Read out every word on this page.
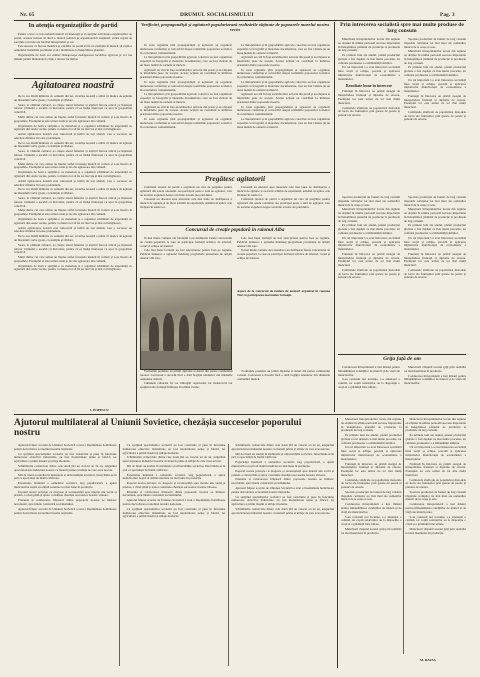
Nr. 65	DRUMUL SOCIALISMULUI	Pag. 3
In atenția organizațiilor de partid

Pentru a face ca toți oamenii muncii să înțeleagă și să sprijine activitatea organizațiilor de partid, acestea trebuie să ducă o muncă politică și organizatorică susținută, strâns legată de sarcinile concrete ale fiecărei întreprinderi și sat.

Este necesar ca fiecare membru și candidat de partid să fie un exemplu în muncă, să explice oamenilor hotărârile partidului și să-i mobilizeze la îndeplinirea planului.

Organizațiile de bază vor urmări îndeaproape desfășurarea lucrărilor agricole și vor lua măsuri pentru încheierea la timp a tuturor lucrărilor.

Agitatoarea noastră

De la cea dintâi întâlnire cu oamenii din sat, tovarășa noastră a arătat că munca de agitație nu înseamnă vorbe goale, ci exemplu și răbdare.

Seara, la căminul cultural, ea citește ziarul femeilor și explică fiecare articol pe înțelesul tuturor. Oamenii o ascultă cu încredere, pentru că ea însăși muncește cu spor la gospodăria colectivă.

Mulți dintre cei care ezitau au înțeles astfel foloasele muncii în comun și s-au înscris în gospodărie. Exemplul ei este urmat acum și de alte agitatoare din comună.

Organizația de bază a sprijinit-o cu materiale și a organizat schimburi de experiență cu agitatorii din satele vecine, pentru ca munca lor să fie tot mai vie și mai convingătoare.

Astăzi agitatoarea noastră este cunoscută și iubită de toți sătenii, care o socotesc un adevărat sfătuitor în toate problemele.

De la cea dintâi întâlnire cu oamenii din sat, tovarășa noastră a arătat că munca de agitație nu înseamnă vorbe goale, ci exemplu și răbdare.

Seara, la căminul cultural, ea citește ziarul femeilor și explică fiecare articol pe înțelesul tuturor. Oamenii o ascultă cu încredere, pentru că ea însăși muncește cu spor la gospodăria colectivă.

Mulți dintre cei care ezitau au înțeles astfel foloasele muncii în comun și s-au înscris în gospodărie. Exemplul ei este urmat acum și de alte agitatoare din comună.

Organizația de bază a sprijinit-o cu materiale și a organizat schimburi de experiență cu agitatorii din satele vecine, pentru ca munca lor să fie tot mai vie și mai convingătoare.

Astăzi agitatoarea noastră este cunoscută și iubită de toți sătenii, care o socotesc un adevărat sfătuitor în toate problemele.

De la cea dintâi întâlnire cu oamenii din sat, tovarășa noastră a arătat că munca de agitație nu înseamnă vorbe goale, ci exemplu și răbdare.

Seara, la căminul cultural, ea citește ziarul femeilor și explică fiecare articol pe înțelesul tuturor. Oamenii o ascultă cu încredere, pentru că ea însăși muncește cu spor la gospodăria colectivă.

Mulți dintre cei care ezitau au înțeles astfel foloasele muncii în comun și s-au înscris în gospodărie. Exemplul ei este urmat acum și de alte agitatoare din comună.

Organizația de bază a sprijinit-o cu materiale și a organizat schimburi de experiență cu agitatorii din satele vecine, pentru ca munca lor să fie tot mai vie și mai convingătoare.

Astăzi agitatoarea noastră este cunoscută și iubită de toți sătenii, care o socotesc un adevărat sfătuitor în toate problemele.

De la cea dintâi întâlnire cu oamenii din sat, tovarășa noastră a arătat că munca de agitație nu înseamnă vorbe goale, ci exemplu și răbdare.

Seara, la căminul cultural, ea citește ziarul femeilor și explică fiecare articol pe înțelesul tuturor. Oamenii o ascultă cu încredere, pentru că ea însăși muncește cu spor la gospodăria colectivă.

Mulți dintre cei care ezitau au înțeles astfel foloasele muncii în comun și s-au înscris în gospodărie. Exemplul ei este urmat acum și de alte agitatoare din comună.

Organizația de bază a sprijinit-o cu materiale și a organizat schimburi de experiență cu agitatorii din satele vecine, pentru ca munca lor să fie tot mai vie și mai convingătoare.

I. POPESCU
Verificări, propagandiști și agitatorii popularizează realizările obținute de popoarele marelui nostru vecin

In toate regiunile țării propagandiștii și agitatorii au organizat numeroase conferințe și convorbiri despre realizările popoarelor sovietice în construirea comunismului.

La întreprinderi și în gospodăriile agricole colective au fost organizate expoziții cu fotografii și materiale documentare, care au fost vizitate de un mare număr de oameni ai muncii.

Agitatorii au citit în fața ascultătorilor articole din presă și au răspuns la întrebările puse de aceștia. Aceste acțiuni au contribuit la întărirea prieteniei dintre popoarele noastre.

In toate regiunile țării propagandiștii și agitatorii au organizat numeroase conferințe și convorbiri despre realizările popoarelor sovietice în construirea comunismului.

La întreprinderi și în gospodăriile agricole colective au fost organizate expoziții cu fotografii și materiale documentare, care au fost vizitate de un mare număr de oameni ai muncii.

Agitatorii au citit în fața ascultătorilor articole din presă și au răspuns la întrebările puse de aceștia. Aceste acțiuni au contribuit la întărirea prieteniei dintre popoarele noastre.

In toate regiunile țării propagandiștii și agitatorii au organizat numeroase conferințe și convorbiri despre realizările popoarelor sovietice în construirea comunismului.

La întreprinderi și în gospodăriile agricole colective au fost organizate expoziții cu fotografii și materiale documentare, care au fost vizitate de un mare număr de oameni ai muncii.

Agitatorii au citit în fața ascultătorilor articole din presă și au răspuns la întrebările puse de aceștia. Aceste acțiuni au contribuit la întărirea prieteniei dintre popoarele noastre.

In toate regiunile țării propagandiștii și agitatorii au organizat numeroase conferințe și convorbiri despre realizările popoarelor sovietice în construirea comunismului.

La întreprinderi și în gospodăriile agricole colective au fost organizate expoziții cu fotografii și materiale documentare, care au fost vizitate de un mare număr de oameni ai muncii.

Agitatorii au citit în fața ascultătorilor articole din presă și au răspuns la întrebările puse de aceștia. Aceste acțiuni au contribuit la întărirea prieteniei dintre popoarele noastre.

In toate regiunile țării propagandiștii și agitatorii au organizat numeroase conferințe și convorbiri despre realizările popoarelor sovietice în construirea comunismului.

La întreprinderi și în gospodăriile agricole colective au fost organizate expoziții cu fotografii și materiale documentare, care au fost vizitate de un mare număr de oameni ai muncii.

Pregătesc agitatorii

Comitetul raional de partid a organizat un curs de pregătire pentru agitatorii din satele raionului. Au participat peste o sută de agitatori, care au ascultat expuneri despre sarcinile actuale ale partidului.

Cursanții au discutat apoi metodele cele mai bune de desfășurare a muncii de agitație și au făcut schimb de experiență, urmând să aplice cele învățate în satele lor.

Cursanții au discutat apoi metodele cele mai bune de desfășurare a muncii de agitație și au făcut schimb de experiență, urmând să aplice cele învățate în satele lor.

Comitetul raional de partid a organizat un curs de pregătire pentru agitatorii din satele raionului. Au participat peste o sută de agitatori, care au ascultat expuneri despre sarcinile actuale ale partidului.

Concursul de creație populară în raionul Alba

In mai multe comune ale raionului s-au desfășurat fazele concursului de creație populară, la care au participat formații artistice de amatori, coruri și echipe de dansuri.

Cele mai bune formații au fost selecționate pentru faza pe regiune. Publicul numeros a aplaudat îndelung programele prezentate de artiștii amatori din sate.

Cele mai bune formații au fost selecționate pentru faza pe regiune. Publicul numeros a aplaudat îndelung programele prezentate de artiștii amatori din sate.

In mai multe comune ale raionului s-au desfășurat fazele concursului de creație populară, la care au participat formații artistice de amatori, coruri și echipe de dansuri.

Aspect de la concursul de fanfare de amatori organizat în comuna Tiur cu participarea mai multor formații.

Formațiile premiate au primit diplome și daruri din partea comitetului raional. Concursul a dovedit încă o dată bogăția talentelor din rândurile oamenilor muncii.

Căminele culturale își vor îmbogăți repertoriul, iar instructorii vor sprijini noile formații înființate în ultima vreme.

Formațiile premiate au primit diplome și daruri din partea comitetului raional. Concursul a dovedit încă o dată bogăția talentelor din rândurile oamenilor muncii.

Prin întrecerea socialistă spre mai multe produse de larg consum

Muncitorii întreprinderilor locale din regiune au obținut în ultima perioadă succese importante în îndeplinirea planului de producție la produsele de larg consum.

Pe primele luni ale anului, planul producției globale a fost depășit cu mai multe procente, iar calitatea produselor s-a îmbunătățit simțitor.

Un rol important l-a avut întrecerea socialistă între secții și echipe, precum și aplicarea inițiativelor muncitorești de economisire a materialelor.

Rezultate bune în întrecere

Fruntașii în întrecere au primit steagul de întreprindere fruntașă și diplome de onoare. Exemplul lor este urmat de tot mai mulți muncitori.

Comitetele sindicale au popularizat metodele de lucru ale fruntașilor prin gazete de perete și panouri de onoare.

Sporirea producției de bunuri de larg consum răspunde cerințelor tot mai mari ale oamenilor muncii de la orașe și sate.

Muncitorii întreprinderilor locale din regiune au obținut în ultima perioadă succese importante în îndeplinirea planului de producție la produsele de larg consum.

Pe primele luni ale anului, planul producției globale a fost depășit cu mai multe procente, iar calitatea produselor s-a îmbunătățit simțitor.

Un rol important l-a avut întrecerea socialistă între secții și echipe, precum și aplicarea inițiativelor muncitorești de economisire a materialelor.

Fruntașii în întrecere au primit steagul de întreprindere fruntașă și diplome de onoare. Exemplul lor este urmat de tot mai mulți muncitori.

Comitetele sindicale au popularizat metodele de lucru ale fruntașilor prin gazete de perete și panouri de onoare.

Sporirea producției de bunuri de larg consum răspunde cerințelor tot mai mari ale oamenilor muncii de la orașe și sate.

Muncitorii întreprinderilor locale din regiune au obținut în ultima perioadă succese importante în îndeplinirea planului de producție la produsele de larg consum.

Pe primele luni ale anului, planul producției globale a fost depășit cu mai multe procente, iar calitatea produselor s-a îmbunătățit simțitor.

Un rol important l-a avut întrecerea socialistă între secții și echipe, precum și aplicarea inițiativelor muncitorești de economisire a materialelor.

Fruntașii în întrecere au primit steagul de întreprindere fruntașă și diplome de onoare. Exemplul lor este urmat de tot mai mulți muncitori.

Comitetele sindicale au popularizat metodele de lucru ale fruntașilor prin gazete de perete și panouri de onoare.

Sporirea producției de bunuri de larg consum răspunde cerințelor tot mai mari ale oamenilor muncii de la orașe și sate.

Muncitorii întreprinderilor locale din regiune au obținut în ultima perioadă succese importante în îndeplinirea planului de producție la produsele de larg consum.

Pe primele luni ale anului, planul producției globale a fost depășit cu mai multe procente, iar calitatea produselor s-a îmbunătățit simțitor.

Un rol important l-a avut întrecerea socialistă între secții și echipe, precum și aplicarea inițiativelor muncitorești de economisire a materialelor.

Fruntașii în întrecere au primit steagul de întreprindere fruntașă și diplome de onoare. Exemplul lor este urmat de tot mai mulți muncitori.

Comitetele sindicale au popularizat metodele de lucru ale fruntașilor prin gazete de perete și panouri de onoare.

Grija față de om

Conducerea întreprinderii a luat măsuri pentru îmbunătățirea condițiilor de muncă și de viață ale muncitorilor.

S-au construit noi locuințe, s-a amenajat o cantină, iar copiii salariaților au la dispoziție o creșă și o grădiniță bine utilate.

Muncitorii răspund acestei griji prin realizări tot mai însemnate în producție.

Conducerea întreprinderii a luat măsuri pentru îmbunătățirea condițiilor de muncă și de viață ale muncitorilor.

Ajutorul multilateral al Uniunii Sovietice, chezășia succeselor poporului nostru

Ajutorul frățesc acordat de Uniunea Sovietică a avut o însemnătate hotărâtoare pentru dezvoltarea economiei noastre naționale.

Cu sprijinul specialiștilor sovietici au fost construite și puse în funcțiune numeroase obiective industriale, au fost modernizate uzine și fabrici, iar agricultura a primit mașini și utilaje moderne.

Schimburile comerciale dintre cele două țări au crescut an de an, asigurând aprovizionarea industriei noastre cu materii prime și utilaje de care avea nevoie.

Mii de tineri au studiat în institutele și universitățile sovietice, întorcându-se în țară ca specialiști de înaltă calificare.

Experiența înaintată a oamenilor sovietici, larg popularizată, a ajutat muncitorilor noștri să obțină rezultate tot mai bune în producție.

Poporul nostru privește cu dragoste și recunoștință spre marele său vecin și prieten, a cărui pildă și ajutor constituie chezășia succeselor noastre viitoare.

Prietenia și colaborarea frățească dintre popoarele noastre se întăresc necontenit, spre binele construirii socialismului.

Ajutorul frățesc acordat de Uniunea Sovietică a avut o însemnătate hotărâtoare pentru dezvoltarea economiei noastre naționale.

Cu sprijinul specialiștilor sovietici au fost construite și puse în funcțiune numeroase obiective industriale, au fost modernizate uzine și fabrici, iar agricultura a primit mașini și utilaje moderne.

Schimburile comerciale dintre cele două țări au crescut an de an, asigurând aprovizionarea industriei noastre cu materii prime și utilaje de care avea nevoie.

Mii de tineri au studiat în institutele și universitățile sovietice, întorcându-se în țară ca specialiști de înaltă calificare.

Experiența înaintată a oamenilor sovietici, larg popularizată, a ajutat muncitorilor noștri să obțină rezultate tot mai bune în producție.

Poporul nostru privește cu dragoste și recunoștință spre marele său vecin și prieten, a cărui pildă și ajutor constituie chezășia succeselor noastre viitoare.

Prietenia și colaborarea frățească dintre popoarele noastre se întăresc necontenit, spre binele construirii socialismului.

Ajutorul frățesc acordat de Uniunea Sovietică a avut o însemnătate hotărâtoare pentru dezvoltarea economiei noastre naționale.

Cu sprijinul specialiștilor sovietici au fost construite și puse în funcțiune numeroase obiective industriale, au fost modernizate uzine și fabrici, iar agricultura a primit mașini și utilaje moderne.

Schimburile comerciale dintre cele două țări au crescut an de an, asigurând aprovizionarea industriei noastre cu materii prime și utilaje de care avea nevoie.

Mii de tineri au studiat în institutele și universitățile sovietice, întorcându-se în țară ca specialiști de înaltă calificare.

Experiența înaintată a oamenilor sovietici, larg popularizată, a ajutat muncitorilor noștri să obțină rezultate tot mai bune în producție.

Poporul nostru privește cu dragoste și recunoștință spre marele său vecin și prieten, a cărui pildă și ajutor constituie chezășia succeselor noastre viitoare.

Prietenia și colaborarea frățească dintre popoarele noastre se întăresc necontenit, spre binele construirii socialismului.

Ajutorul frățesc acordat de Uniunea Sovietică a avut o însemnătate hotărâtoare pentru dezvoltarea economiei noastre naționale.

Cu sprijinul specialiștilor sovietici au fost construite și puse în funcțiune numeroase obiective industriale, au fost modernizate uzine și fabrici, iar agricultura a primit mașini și utilaje moderne.

Schimburile comerciale dintre cele două țări au crescut an de an, asigurând aprovizionarea industriei noastre cu materii prime și utilaje de care avea nevoie.

Muncitorii întreprinderilor locale din regiune au obținut în ultima perioadă succese importante în îndeplinirea planului de producție la produsele de larg consum.

Pe primele luni ale anului, planul producției globale a fost depășit cu mai multe procente, iar calitatea produselor s-a îmbunătățit simțitor.

Un rol important l-a avut întrecerea socialistă între secții și echipe, precum și aplicarea inițiativelor muncitorești de economisire a materialelor.

Fruntașii în întrecere au primit steagul de întreprindere fruntașă și diplome de onoare. Exemplul lor este urmat de tot mai mulți muncitori.

Comitetele sindicale au popularizat metodele de lucru ale fruntașilor prin gazete de perete și panouri de onoare.

Sporirea producției de bunuri de larg consum răspunde cerințelor tot mai mari ale oamenilor muncii de la orașe și sate.

Conducerea întreprinderii a luat măsuri pentru îmbunătățirea condițiilor de muncă și de viață ale muncitorilor.

S-au construit noi locuințe, s-a amenajat o cantină, iar copiii salariaților au la dispoziție o creșă și o grădiniță bine utilate.

Muncitorii răspund acestei griji prin realizări tot mai însemnate în producție.

Muncitorii întreprinderilor locale din regiune au obținut în ultima perioadă succese importante în îndeplinirea planului de producție la produsele de larg consum.

Pe primele luni ale anului, planul producției globale a fost depășit cu mai multe procente, iar calitatea produselor s-a îmbunătățit simțitor.

Un rol important l-a avut întrecerea socialistă între secții și echipe, precum și aplicarea inițiativelor muncitorești de economisire a materialelor.

Fruntașii în întrecere au primit steagul de întreprindere fruntașă și diplome de onoare. Exemplul lor este urmat de tot mai mulți muncitori.

Comitetele sindicale au popularizat metodele de lucru ale fruntașilor prin gazete de perete și panouri de onoare.

Sporirea producției de bunuri de larg consum răspunde cerințelor tot mai mari ale oamenilor muncii de la orașe și sate.

Conducerea întreprinderii a luat măsuri pentru îmbunătățirea condițiilor de muncă și de viață ale muncitorilor.

S-au construit noi locuințe, s-a amenajat o cantină, iar copiii salariaților au la dispoziție o creșă și o grădiniță bine utilate.

Muncitorii răspund acestei griji prin realizări tot mai însemnate în producție.

M. RAVAS
